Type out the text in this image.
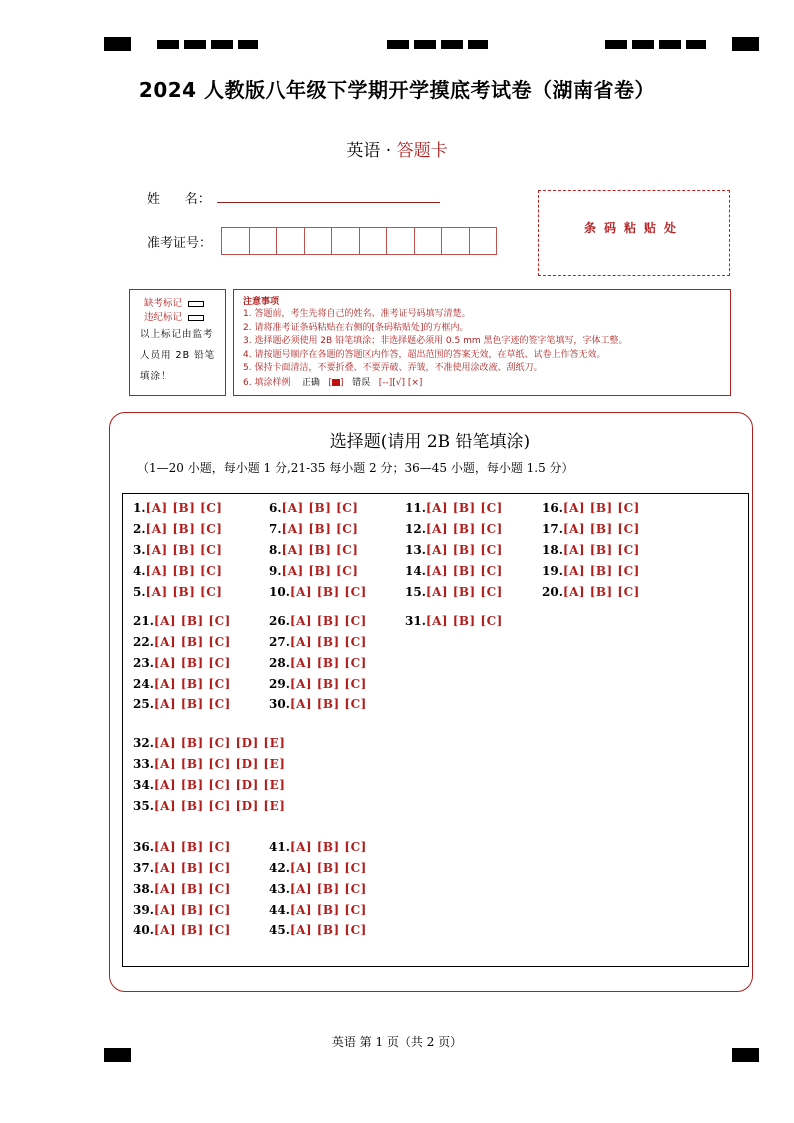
2024 人教版八年级下学期开学摸底考试卷（湖南省卷）
英语 · 答题卡
姓      名：
准考证号：
条码粘贴处
缺考标记
违纪标记
以上标记由监考人员用 2B 铅笔填涂！
注意事项
1. 答题前，考生先将自己的姓名、准考证号码填写清楚。
2. 请将准考证条码粘贴在右侧的[条码粘贴处]的方框内。
3. 选择题必须使用 2B 铅笔填涂；非选择题必须用 0.5 mm 黑色字迹的签字笔填写，字体工整。
4. 请按题号顺序在各题的答题区内作答，超出范围的答案无效，在草纸、试卷上作答无效。
5. 保持卡面清洁，不要折叠、不要弄破、弄皱，不准使用涂改液、刮纸刀。
6. 填涂样例 正确   [ ]   错误 [--][√] [×]
选择题(请用 2B 铅笔填涂)
（1—20 小题，每小题 1 分,21-35 每小题 2 分；36—45 小题，每小题 1.5 分）
1.[A] [B] [C]
2.[A] [B] [C]
3.[A] [B] [C]
4.[A] [B] [C]
5.[A] [B] [C]
6.[A] [B] [C]
7.[A] [B] [C]
8.[A] [B] [C]
9.[A] [B] [C]
10.[A] [B] [C]
11.[A] [B] [C]
12.[A] [B] [C]
13.[A] [B] [C]
14.[A] [B] [C]
15.[A] [B] [C]
16.[A] [B] [C]
17.[A] [B] [C]
18.[A] [B] [C]
19.[A] [B] [C]
20.[A] [B] [C]
21.[A] [B] [C]
22.[A] [B] [C]
23.[A] [B] [C]
24.[A] [B] [C]
25.[A] [B] [C]
26.[A] [B] [C]
27.[A] [B] [C]
28.[A] [B] [C]
29.[A] [B] [C]
30.[A] [B] [C]
31.[A] [B] [C]
32.[A] [B] [C] [D] [E]
33.[A] [B] [C] [D] [E]
34.[A] [B] [C] [D] [E]
35.[A] [B] [C] [D] [E]
36.[A] [B] [C]
37.[A] [B] [C]
38.[A] [B] [C]
39.[A] [B] [C]
40.[A] [B] [C]
41.[A] [B] [C]
42.[A] [B] [C]
43.[A] [B] [C]
44.[A] [B] [C]
45.[A] [B] [C]
英语 第 1 页（共 2 页）
